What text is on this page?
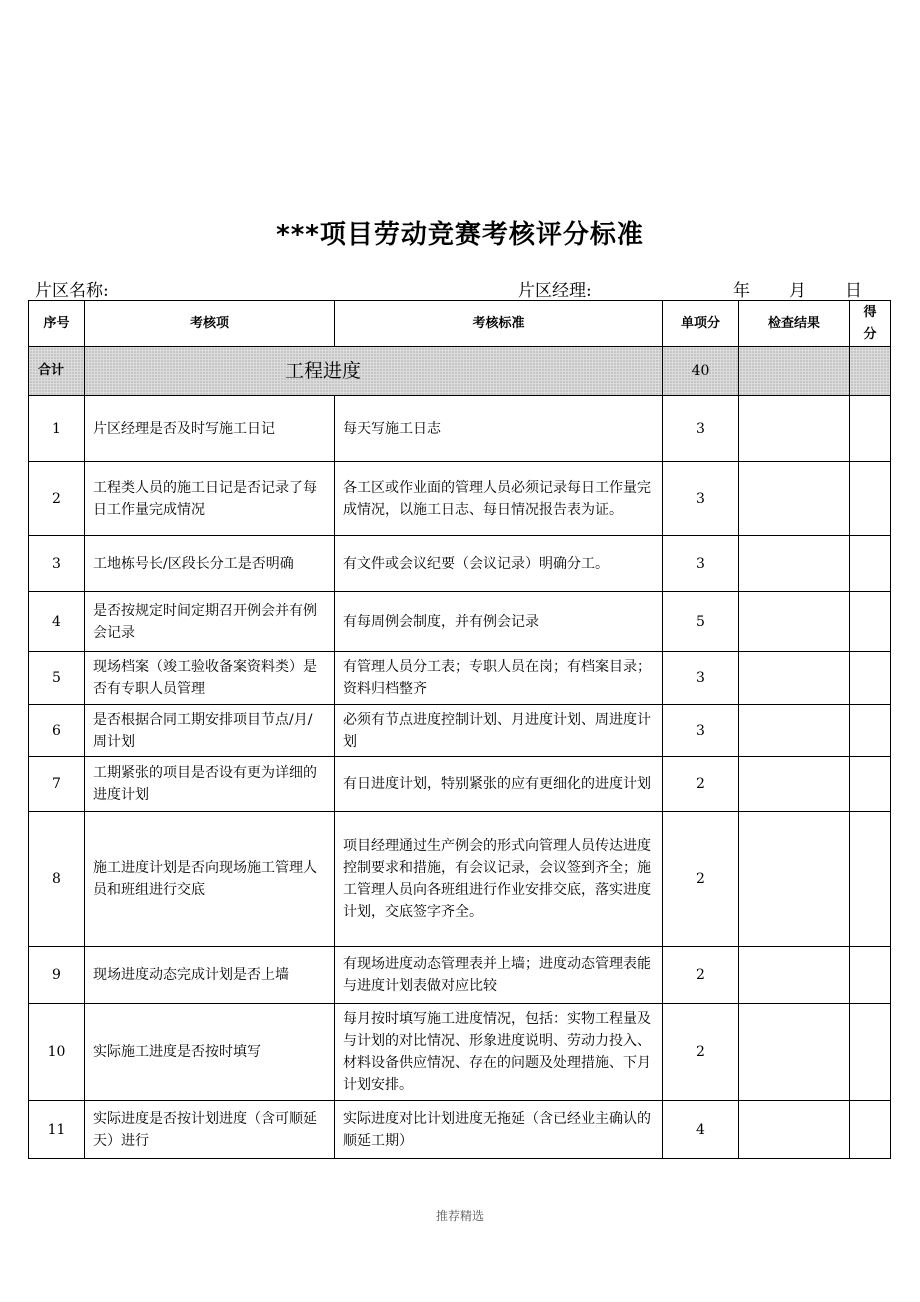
***项目劳动竞赛考核评分标准
片区名称:	片区经理:	年 月 日
序号	考核项	考核标准	单项分	检查结果	得分
合计	工程进度		40		
1	片区经理是否及时写施工日记	每天写施工日志	3		
2	工程类人员的施工日记是否记录了每日工作量完成情况	各工区或作业面的管理人员必须记录每日工作量完成情况，以施工日志、每日情况报告表为证。	3		
3	工地栋号长/区段长分工是否明确	有文件或会议纪要（会议记录）明确分工。	3		
4	是否按规定时间定期召开例会并有例会记录	有每周例会制度，并有例会记录	5		
5	现场档案（竣工验收备案资料类）是否有专职人员管理	有管理人员分工表；专职人员在岗；有档案目录；资料归档整齐	3		
6	是否根据合同工期安排项目节点/月/周计划	必须有节点进度控制计划、月进度计划、周进度计划	3		
7	工期紧张的项目是否设有更为详细的进度计划	有日进度计划，特别紧张的应有更细化的进度计划	2		
8	施工进度计划是否向现场施工管理人员和班组进行交底	项目经理通过生产例会的形式向管理人员传达进度控制要求和措施，有会议记录，会议签到齐全；施工管理人员向各班组进行作业安排交底，落实进度计划，交底签字齐全。	2		
9	现场进度动态完成计划是否上墙	有现场进度动态管理表并上墙；进度动态管理表能与进度计划表做对应比较	2		
10	实际施工进度是否按时填写	每月按时填写施工进度情况，包括：实物工程量及与计划的对比情况、形象进度说明、劳动力投入、材料设备供应情况、存在的问题及处理措施、下月计划安排。	2		
11	实际进度是否按计划进度（含可顺延天）进行	实际进度对比计划进度无拖延（含已经业主确认的顺延工期）	4		
推荐精选
